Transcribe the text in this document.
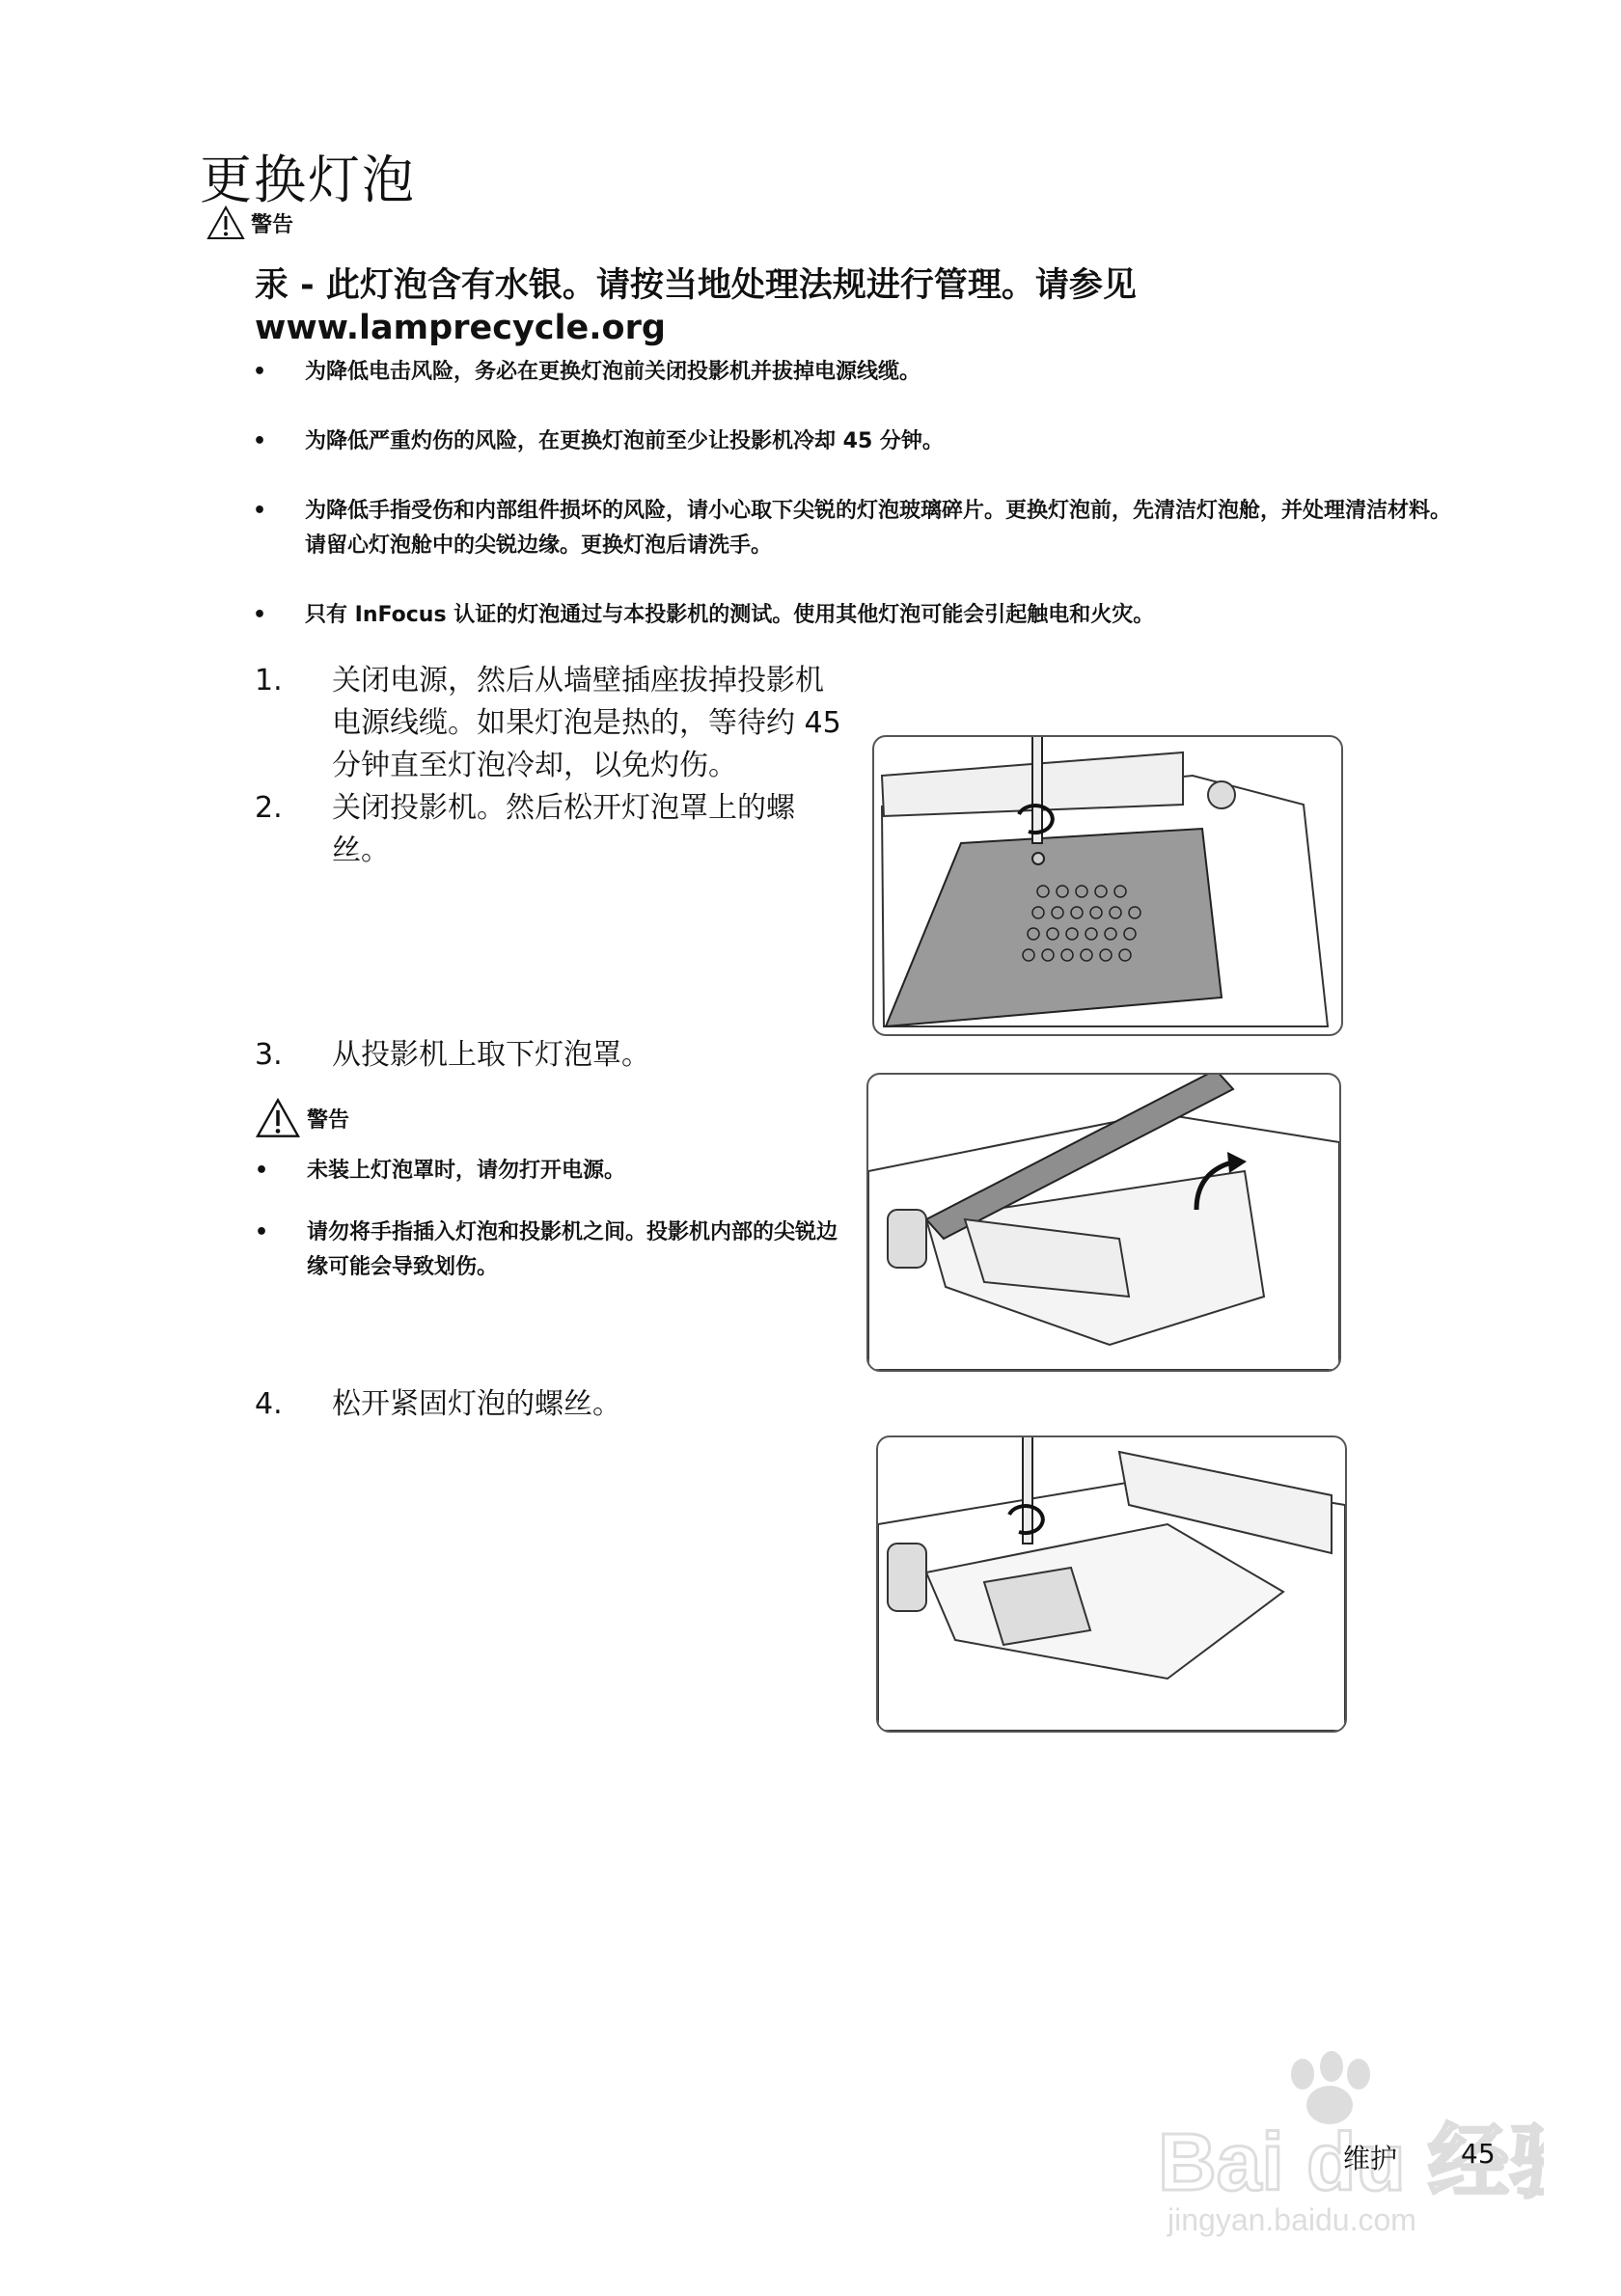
更换灯泡
警告
汞 - 此灯泡含有水银。请按当地处理法规进行管理。请参见
www.lamprecycle.org
•	为降低电击风险，务必在更换灯泡前关闭投影机并拔掉电源线缆。
•	为降低严重灼伤的风险，在更换灯泡前至少让投影机冷却 45 分钟。
•	为降低手指受伤和内部组件损坏的风险，请小心取下尖锐的灯泡玻璃碎片。更换灯泡前，先清洁灯泡舱，并处理清洁材料。请留心灯泡舱中的尖锐边缘。更换灯泡后请洗手。
•	只有 InFocus 认证的灯泡通过与本投影机的测试。使用其他灯泡可能会引起触电和火灾。
1.	关闭电源，然后从墙壁插座拔掉投影机电源线缆。如果灯泡是热的，等待约 45 分钟直至灯泡冷却，以免灼伤。
2.	关闭投影机。然后松开灯泡罩上的螺丝。
3.	从投影机上取下灯泡罩。
警告
•	未装上灯泡罩时，请勿打开电源。
•	请勿将手指插入灯泡和投影机之间。投影机内部的尖锐边缘可能会导致划伤。
4.	松开紧固灯泡的螺丝。
Bai du 经
jingyan.baidu.com
维护 45
